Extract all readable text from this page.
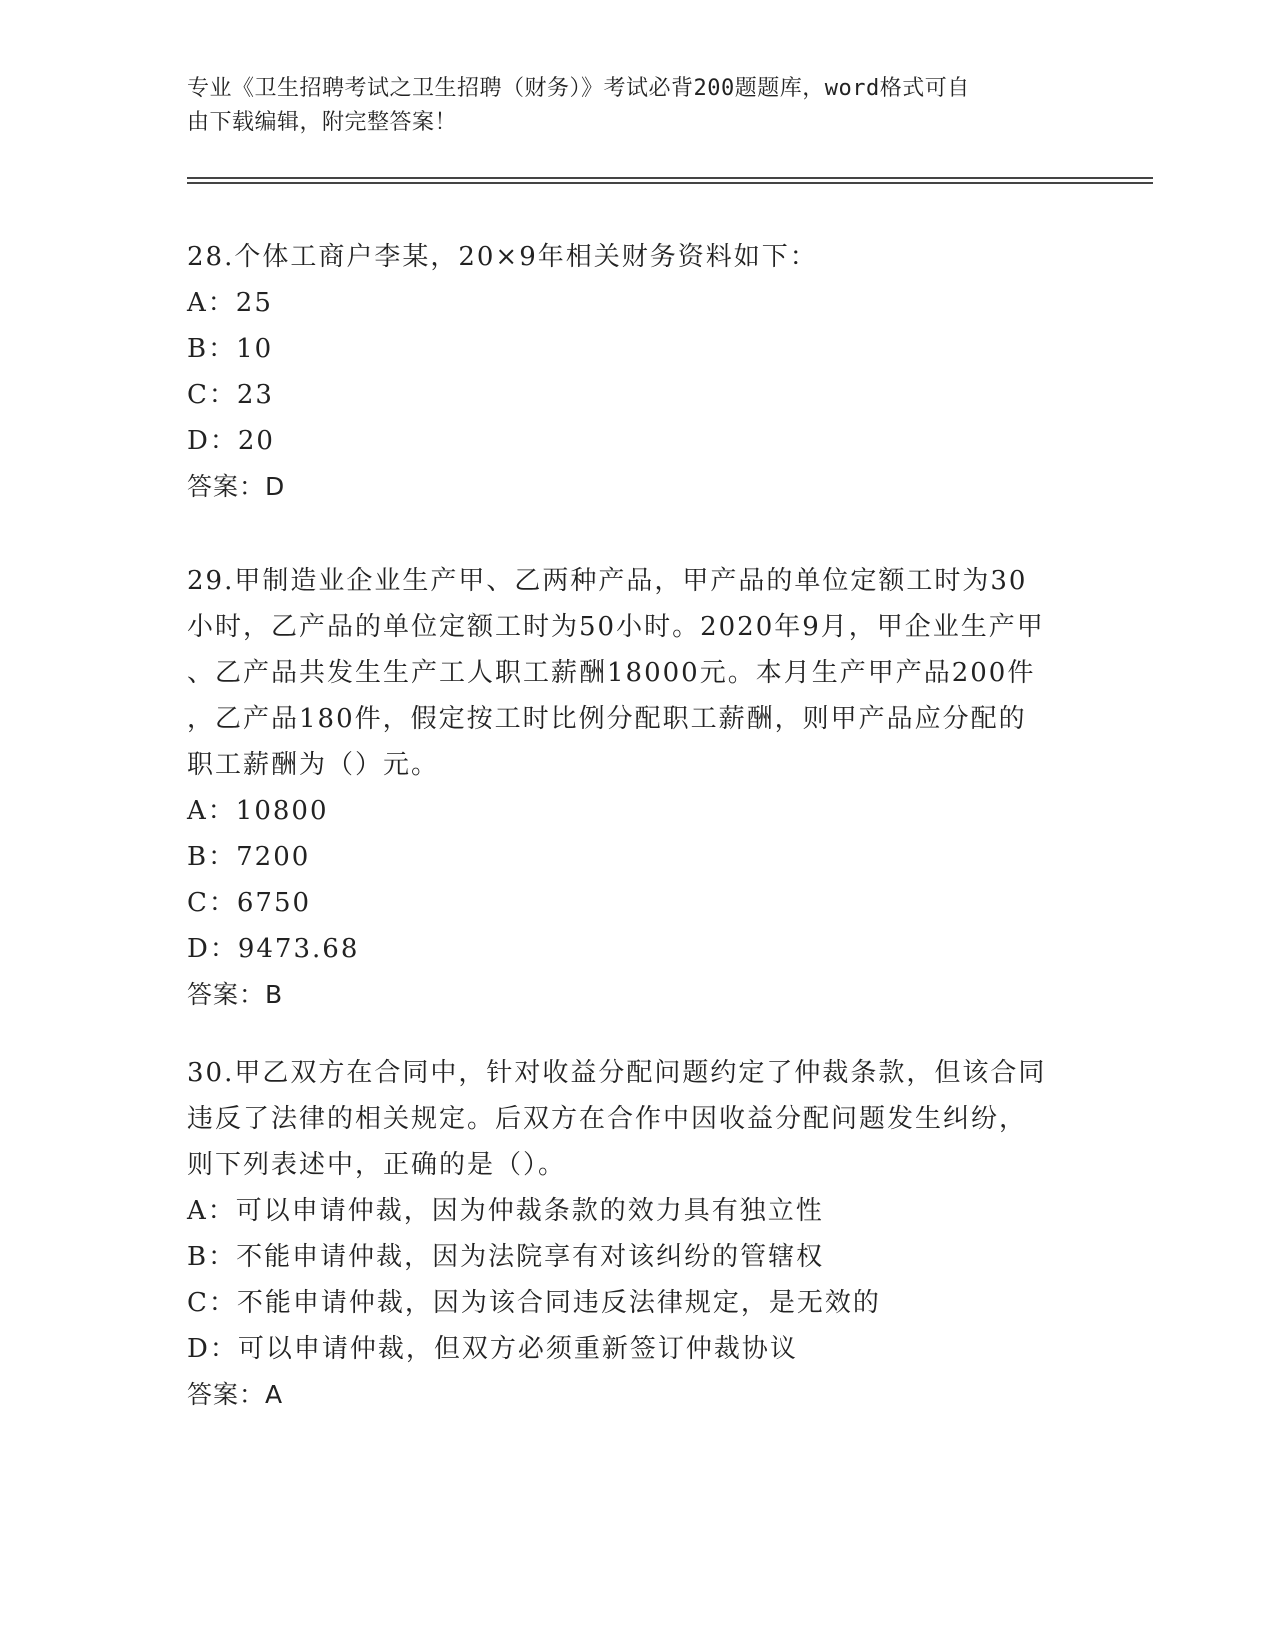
专业《卫生招聘考试之卫生招聘（财务）》考试必背200题题库，word格式可自
由下载编辑，附完整答案！

28.个体工商户李某，20×9年相关财务资料如下：

A：25

B：10

C：23

D：20

答案：D

29.甲制造业企业生产甲、乙两种产品，甲产品的单位定额工时为30
小时，乙产品的单位定额工时为50小时。2020年9月，甲企业生产甲
、乙产品共发生生产工人职工薪酬18000元。本月生产甲产品200件
，乙产品180件，假定按工时比例分配职工薪酬，则甲产品应分配的
职工薪酬为（）元。

A：10800

B：7200

C：6750

D：9473.68

答案：B

30.甲乙双方在合同中，针对收益分配问题约定了仲裁条款，但该合同
违反了法律的相关规定。后双方在合作中因收益分配问题发生纠纷，
则下列表述中，正确的是（）。

A：可以申请仲裁，因为仲裁条款的效力具有独立性

B：不能申请仲裁，因为法院享有对该纠纷的管辖权

C：不能申请仲裁，因为该合同违反法律规定，是无效的

D：可以申请仲裁，但双方必须重新签订仲裁协议

答案：A
